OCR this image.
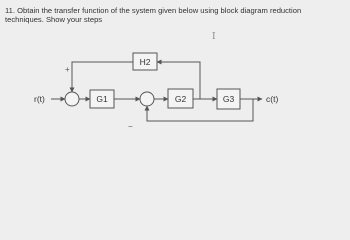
11. Obtain the transfer function of the system given below using block diagram reduction
techniques. Show your steps
I
r(t)
+
G1
−
G2	G3	c(t)
H2
